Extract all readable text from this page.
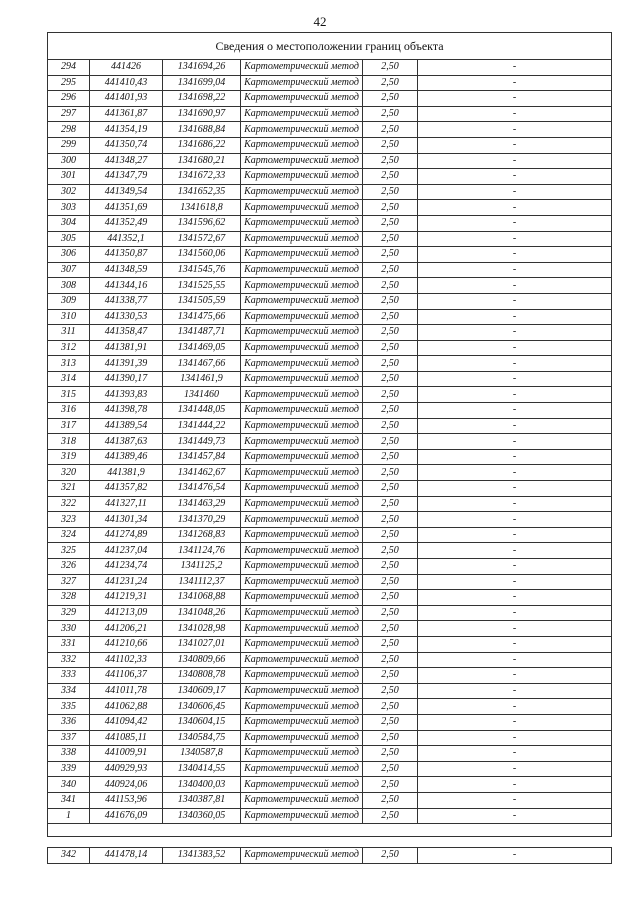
42
Сведения о местоположении границ объекта					
294	441426	1341694,26	Картометрический метод	2,50	-
295	441410,43	1341699,04	Картометрический метод	2,50	-
296	441401,93	1341698,22	Картометрический метод	2,50	-
297	441361,87	1341690,97	Картометрический метод	2,50	-
298	441354,19	1341688,84	Картометрический метод	2,50	-
299	441350,74	1341686,22	Картометрический метод	2,50	-
300	441348,27	1341680,21	Картометрический метод	2,50	-
301	441347,79	1341672,33	Картометрический метод	2,50	-
302	441349,54	1341652,35	Картометрический метод	2,50	-
303	441351,69	1341618,8	Картометрический метод	2,50	-
304	441352,49	1341596,62	Картометрический метод	2,50	-
305	441352,1	1341572,67	Картометрический метод	2,50	-
306	441350,87	1341560,06	Картометрический метод	2,50	-
307	441348,59	1341545,76	Картометрический метод	2,50	-
308	441344,16	1341525,55	Картометрический метод	2,50	-
309	441338,77	1341505,59	Картометрический метод	2,50	-
310	441330,53	1341475,66	Картометрический метод	2,50	-
311	441358,47	1341487,71	Картометрический метод	2,50	-
312	441381,91	1341469,05	Картометрический метод	2,50	-
313	441391,39	1341467,66	Картометрический метод	2,50	-
314	441390,17	1341461,9	Картометрический метод	2,50	-
315	441393,83	1341460	Картометрический метод	2,50	-
316	441398,78	1341448,05	Картометрический метод	2,50	-
317	441389,54	1341444,22	Картометрический метод	2,50	-
318	441387,63	1341449,73	Картометрический метод	2,50	-
319	441389,46	1341457,84	Картометрический метод	2,50	-
320	441381,9	1341462,67	Картометрический метод	2,50	-
321	441357,82	1341476,54	Картометрический метод	2,50	-
322	441327,11	1341463,29	Картометрический метод	2,50	-
323	441301,34	1341370,29	Картометрический метод	2,50	-
324	441274,89	1341268,83	Картометрический метод	2,50	-
325	441237,04	1341124,76	Картометрический метод	2,50	-
326	441234,74	1341125,2	Картометрический метод	2,50	-
327	441231,24	1341112,37	Картометрический метод	2,50	-
328	441219,31	1341068,88	Картометрический метод	2,50	-
329	441213,09	1341048,26	Картометрический метод	2,50	-
330	441206,21	1341028,98	Картометрический метод	2,50	-
331	441210,66	1341027,01	Картометрический метод	2,50	-
332	441102,33	1340809,66	Картометрический метод	2,50	-
333	441106,37	1340808,78	Картометрический метод	2,50	-
334	441011,78	1340609,17	Картометрический метод	2,50	-
335	441062,88	1340606,45	Картометрический метод	2,50	-
336	441094,42	1340604,15	Картометрический метод	2,50	-
337	441085,11	1340584,75	Картометрический метод	2,50	-
338	441009,91	1340587,8	Картометрический метод	2,50	-
339	440929,93	1340414,55	Картометрический метод	2,50	-
340	440924,06	1340400,03	Картометрический метод	2,50	-
341	441153,96	1340387,81	Картометрический метод	2,50	-
1	441676,09	1340360,05	Картометрический метод	2,50	-

342	441478,14	1341383,52	Картометрический метод	2,50	-
